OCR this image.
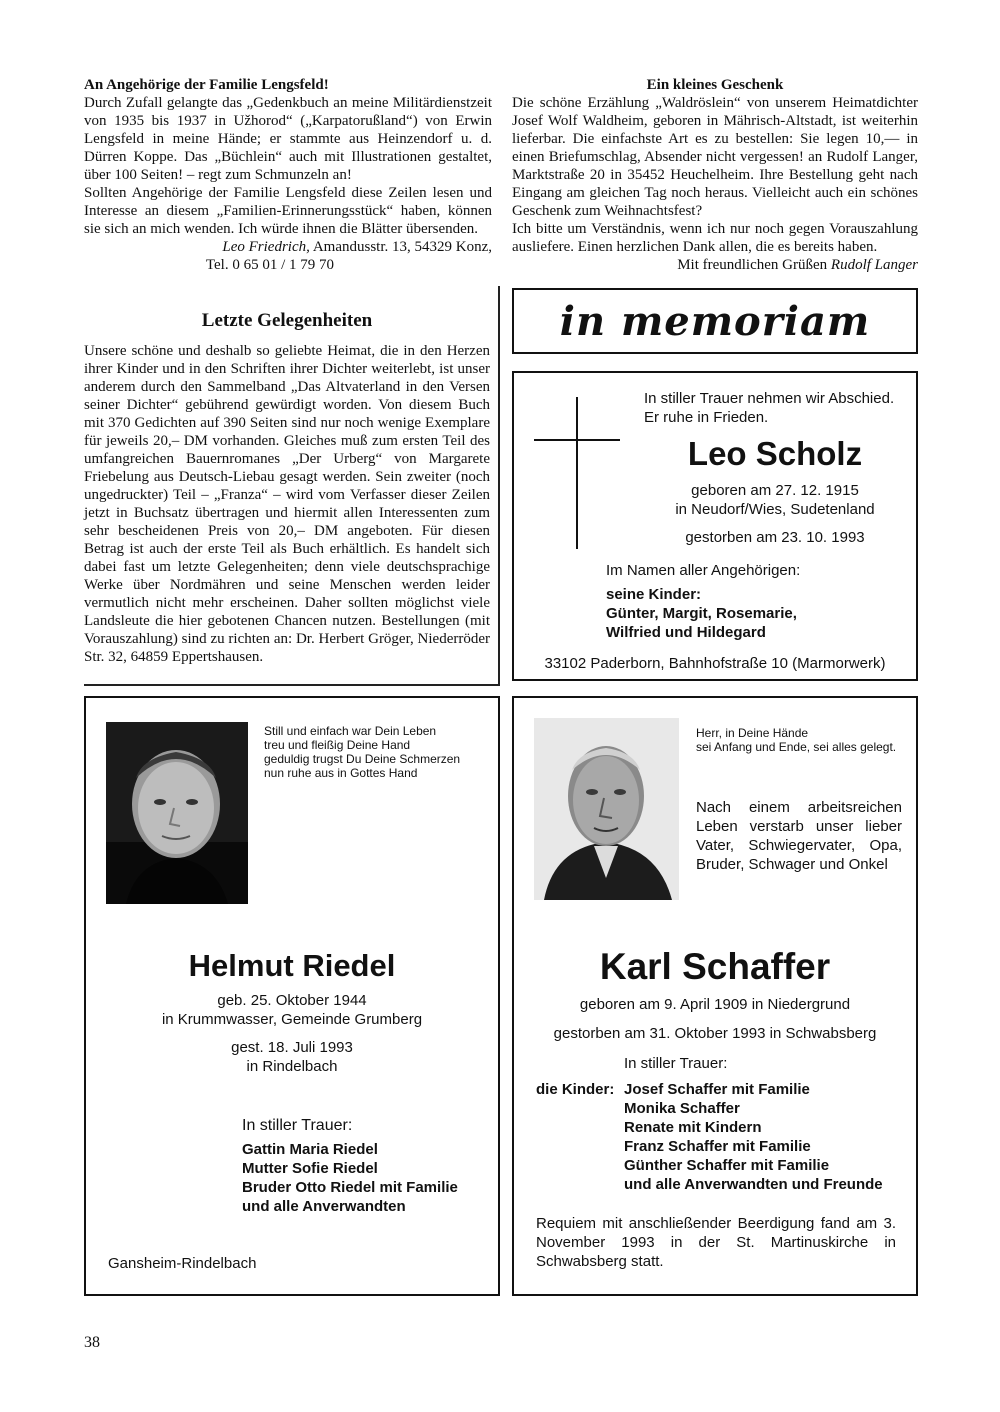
An Angehörige der Familie Lengsfeld!
Durch Zufall gelangte das „Gedenkbuch an meine Militärdienstzeit von 1935 bis 1937 in Užhorod“ („Karpatorußland“) von Erwin Lengsfeld in meine Hände; er stammte aus Heinzendorf u. d. Dürren Koppe. Das „Büchlein“ auch mit Illustrationen gestaltet, über 100 Seiten! – regt zum Schmunzeln an!
Sollten Angehörige der Familie Lengsfeld diese Zeilen lesen und Interesse an diesem „Familien-Erinnerungsstück“ haben, können sie sich an mich wenden. Ich würde ihnen die Blätter übersenden.
Leo Friedrich, Amandusstr. 13, 54329 Konz,
Tel. 0 65 01 / 1 79 70
Ein kleines Geschenk
Die schöne Erzählung „Waldröslein“ von unserem Heimatdichter Josef Wolf Waldheim, geboren in Mährisch-Altstadt, ist weiterhin lieferbar. Die einfachste Art es zu bestellen: Sie legen 10,— in einen Briefumschlag, Absender nicht vergessen! an Rudolf Langer, Marktstraße 20 in 35452 Heuchelheim. Ihre Bestellung geht nach Eingang am gleichen Tag noch heraus. Vielleicht auch ein schönes Geschenk zum Weihnachtsfest?
Ich bitte um Verständnis, wenn ich nur noch gegen Vorauszahlung ausliefere. Einen herzlichen Dank allen, die es bereits haben.
Mit freundlichen Grüßen Rudolf Langer
Letzte Gelegenheiten
Unsere schöne und deshalb so geliebte Heimat, die in den Herzen ihrer Kinder und in den Schriften ihrer Dichter weiterlebt, ist unser anderem durch den Sammelband „Das Altvaterland in den Versen seiner Dichter“ gebührend gewürdigt worden. Von diesem Buch mit 370 Gedichten auf 390 Seiten sind nur noch wenige Exemplare für jeweils 20,– DM vorhanden. Gleiches muß zum ersten Teil des umfangreichen Bauernromanes „Der Urberg“ von Margarete Friebelung aus Deutsch-Liebau gesagt werden. Sein zweiter (noch ungedruckter) Teil – „Franza“ – wird vom Verfasser dieser Zeilen jetzt in Buchsatz übertragen und hiermit allen Interessenten zum sehr bescheidenen Preis von 20,– DM angeboten. Für diesen Betrag ist auch der erste Teil als Buch erhältlich. Es handelt sich dabei fast um letzte Gelegenheiten; denn viele deutschsprachige Werke über Nordmähren und seine Menschen werden leider vermutlich nicht mehr erscheinen. Daher sollten möglichst viele Landsleute die hier gebotenen Chancen nutzen. Bestellungen (mit Vorauszahlung) sind zu richten an: Dr. Herbert Gröger, Niederröder Str. 32, 64859 Eppertshausen.
in memoriam
In stiller Trauer nehmen wir Abschied.
Er ruhe in Frieden.
Leo Scholz
geboren am 27. 12. 1915
in Neudorf/Wies, Sudetenland
gestorben am 23. 10. 1993
Im Namen aller Angehörigen:
seine Kinder:
Günter, Margit, Rosemarie,
Wilfried und Hildegard
33102 Paderborn, Bahnhofstraße 10 (Marmorwerk)
Still und einfach war Dein Leben
treu und fleißig Deine Hand
geduldig trugst Du Deine Schmerzen
nun ruhe aus in Gottes Hand
Helmut Riedel
geb. 25. Oktober 1944
in Krummwasser, Gemeinde Grumberg
gest. 18. Juli 1993
in Rindelbach
In stiller Trauer:
Gattin Maria Riedel
Mutter Sofie Riedel
Bruder Otto Riedel mit Familie
und alle Anverwandten
Gansheim-Rindelbach
Herr, in Deine Hände
sei Anfang und Ende, sei alles gelegt.
Nach einem arbeitsreichen Leben verstarb unser lieber Vater, Schwiegervater, Opa, Bruder, Schwager und Onkel
Karl Schaffer
geboren am 9. April 1909 in Niedergrund
gestorben am 31. Oktober 1993 in Schwabsberg
In stiller Trauer:
die Kinder: Josef Schaffer mit Familie
Monika Schaffer
Renate mit Kindern
Franz Schaffer mit Familie
Günther Schaffer mit Familie
und alle Anverwandten und Freunde
Requiem mit anschließender Beerdigung fand am 3. November 1993 in der St. Martinuskirche in Schwabsberg statt.
38
